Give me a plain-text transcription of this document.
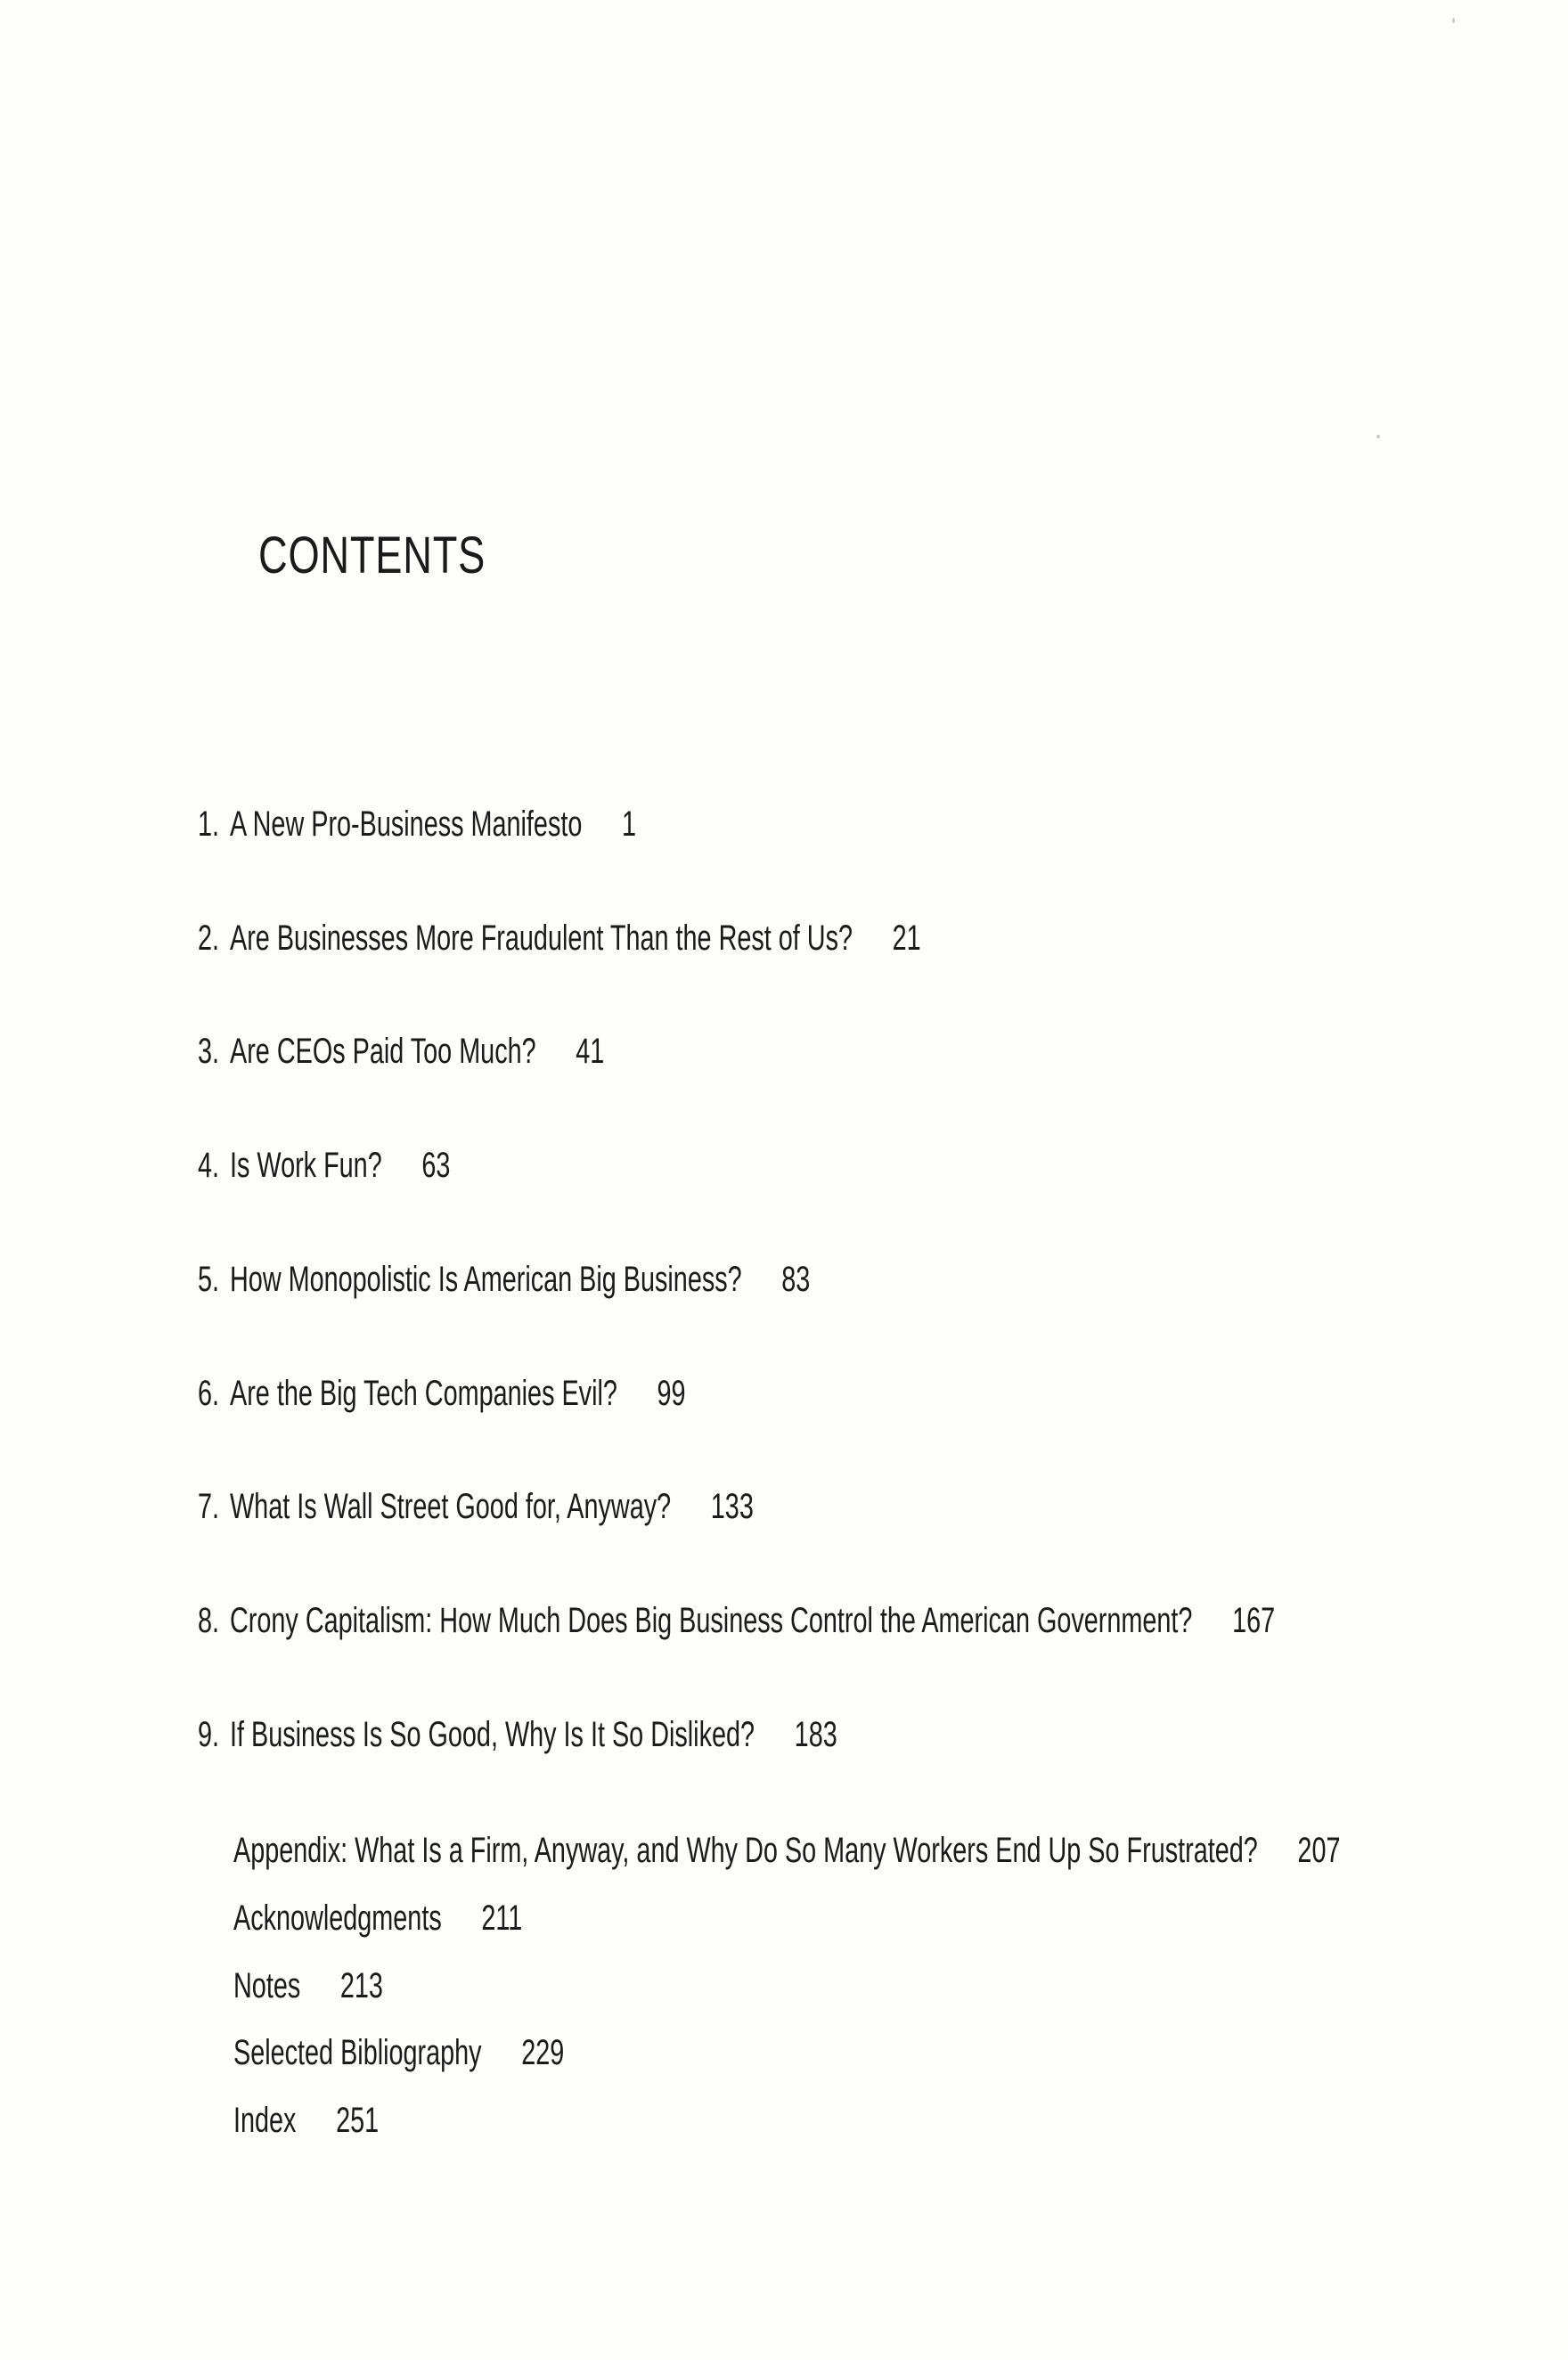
CONTENTS
1. A New Pro-Business Manifesto 1
2. Are Businesses More Fraudulent Than the Rest of Us? 21
3. Are CEOs Paid Too Much? 41
4. Is Work Fun? 63
5. How Monopolistic Is American Big Business? 83
6. Are the Big Tech Companies Evil? 99
7. What Is Wall Street Good for, Anyway? 133
8. Crony Capitalism: How Much Does Big Business Control the American Government? 167
9. If Business Is So Good, Why Is It So Disliked? 183
Appendix: What Is a Firm, Anyway, and Why Do So Many Workers End Up So Frustrated? 207
Acknowledgments 211
Notes 213
Selected Bibliography 229
Index 251
